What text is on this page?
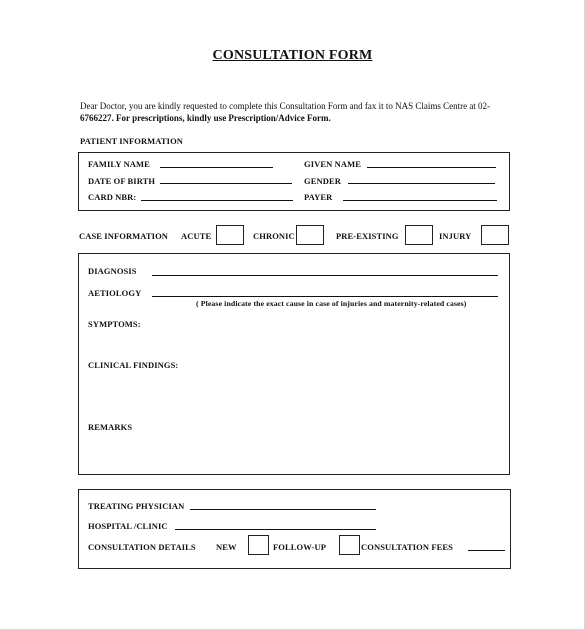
CONSULTATION FORM
Dear Doctor, you are kindly requested to complete this Consultation Form and fax it to NAS Claims Centre at 02-
6766227. For prescriptions, kindly use Prescription/Advice Form.
PATIENT INFORMATION
FAMILY NAME	GIVEN NAME
DATE OF BIRTH	GENDER
CARD NBR:	PAYER
CASE INFORMATION ACUTE	CHRONIC	PRE-EXISTING	INJURY
DIAGNOSIS
AETIOLOGY
( Please indicate the exact cause in case of injuries and maternity-related cases)
SYMPTOMS:
CLINICAL FINDINGS:
REMARKS
TREATING PHYSICIAN
HOSPITAL /CLINIC
CONSULTATION DETAILS NEW	FOLLOW-UP	CONSULTATION FEES
